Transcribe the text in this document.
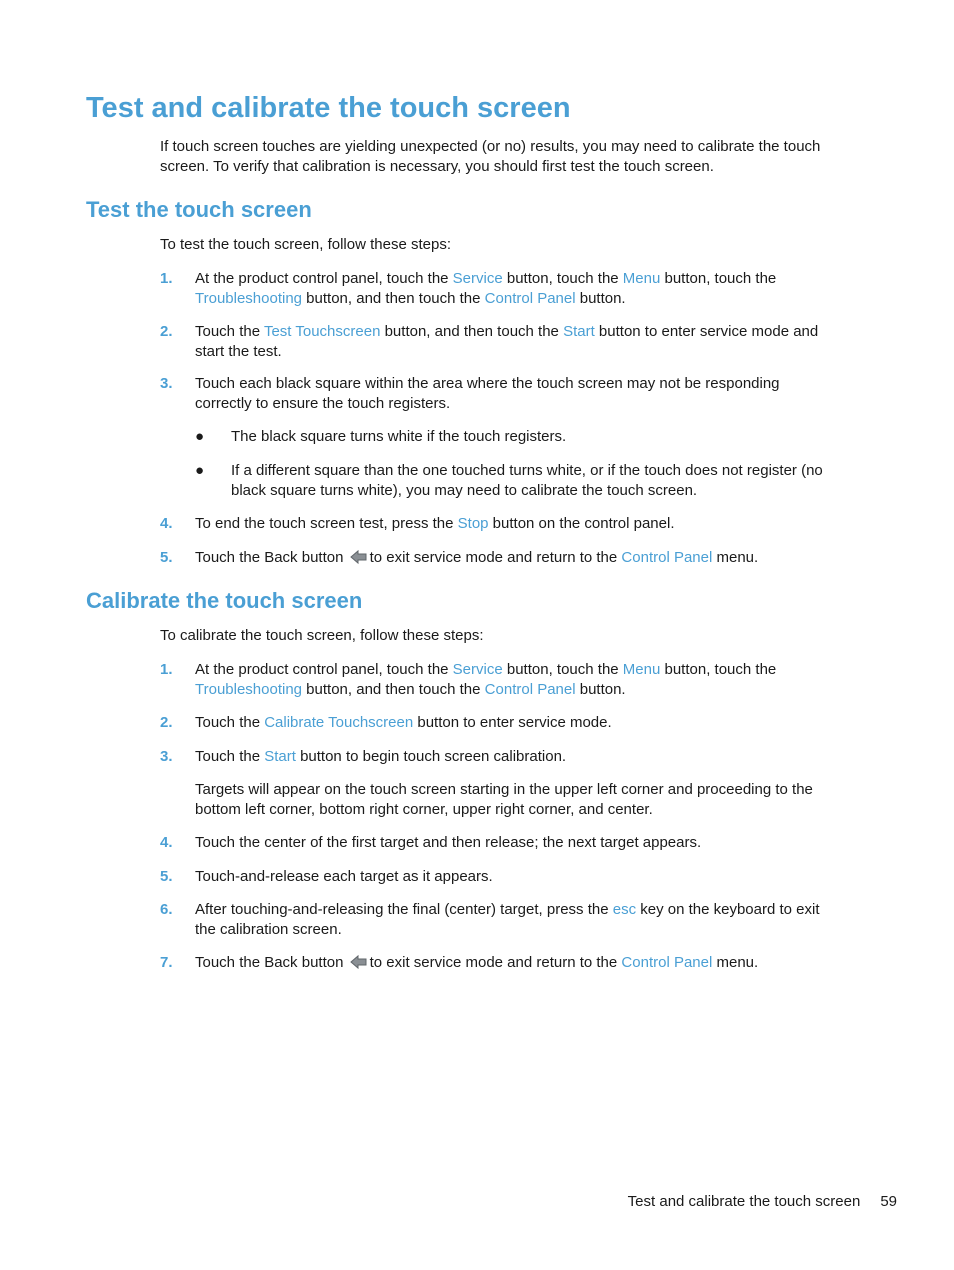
Test and calibrate the touch screen

If touch screen touches are yielding unexpected (or no) results, you may need to calibrate the touch
screen. To verify that calibration is necessary, you should first test the touch screen.

Test the touch screen

To test the touch screen, follow these steps:

1. At the product control panel, touch the Service button, touch the Menu button, touch the
Troubleshooting button, and then touch the Control Panel button.
2. Touch the Test Touchscreen button, and then touch the Start button to enter service mode and
start the test.
3. Touch each black square within the area where the touch screen may not be responding
correctly to ensure the touch registers.
● The black square turns white if the touch registers.
● If a different square than the one touched turns white, or if the touch does not register (no
black square turns white), you may need to calibrate the touch screen.
4. To end the touch screen test, press the Stop button on the control panel.
5. Touch the Back button to exit service mode and return to the Control Panel menu.
Calibrate the touch screen

To calibrate the touch screen, follow these steps:

1. At the product control panel, touch the Service button, touch the Menu button, touch the
Troubleshooting button, and then touch the Control Panel button.
2. Touch the Calibrate Touchscreen button to enter service mode.
3. Touch the Start button to begin touch screen calibration.
Targets will appear on the touch screen starting in the upper left corner and proceeding to the
bottom left corner, bottom right corner, upper right corner, and center.
4. Touch the center of the first target and then release; the next target appears.
5. Touch-and-release each target as it appears.
6. After touching-and-releasing the final (center) target, press the esc key on the keyboard to exit
the calibration screen.
7. Touch the Back button to exit service mode and return to the Control Panel menu.
Test and calibrate the touch screen 59
